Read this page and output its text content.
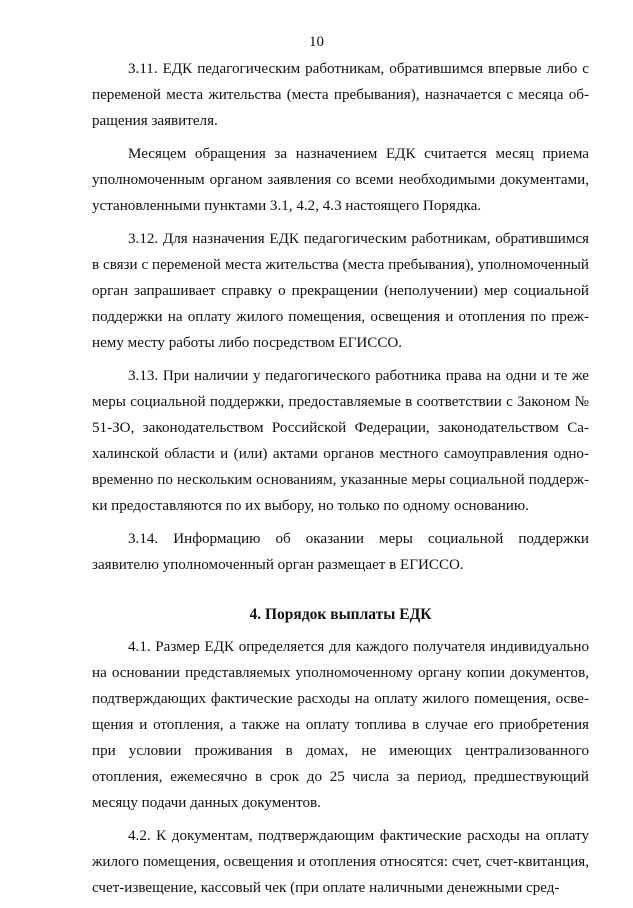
10

3.11. ЕДК педагогическим работникам, обратившимся впервые либо с переменой места жительства (места пребывания), назначается с месяца обращения заявителя.

Месяцем обращения за назначением ЕДК считается месяц приема уполномоченным органом заявления со всеми необходимыми документами, установленными пунктами 3.1, 4.2, 4.3 настоящего Порядка.

3.12. Для назначения ЕДК педагогическим работникам, обратившимся в связи с переменой места жительства (места пребывания), уполномоченный орган запрашивает справку о прекращении (неполучении) мер социальной поддержки на оплату жилого помещения, освещения и отопления по прежнему месту работы либо посредством ЕГИССО.

3.13. При наличии у педагогического работника права на одни и те же меры социальной поддержки, предоставляемые в соответствии с Законом № 51-ЗО, законодательством Российской Федерации, законодательством Сахалинской области и (или) актами органов местного самоуправления одновременно по нескольким основаниям, указанные меры социальной поддержки предоставляются по их выбору, но только по одному основанию.

3.14. Информацию об оказании меры социальной поддержки заявителю уполномоченный орган размещает в ЕГИССО.

4. Порядок выплаты ЕДК

4.1. Размер ЕДК определяется для каждого получателя индивидуально на основании представляемых уполномоченному органу копии документов, подтверждающих фактические расходы на оплату жилого помещения, освещения и отопления, а также на оплату топлива в случае его приобретения при условии проживания в домах, не имеющих централизованного отопления, ежемесячно в срок до 25 числа за период, предшествующий месяцу подачи данных документов.

4.2. К документам, подтверждающим фактические расходы на оплату жилого помещения, освещения и отопления относятся: счет, счет-квитанция, счет-извещение, кассовый чек (при оплате наличными денежными сред-
